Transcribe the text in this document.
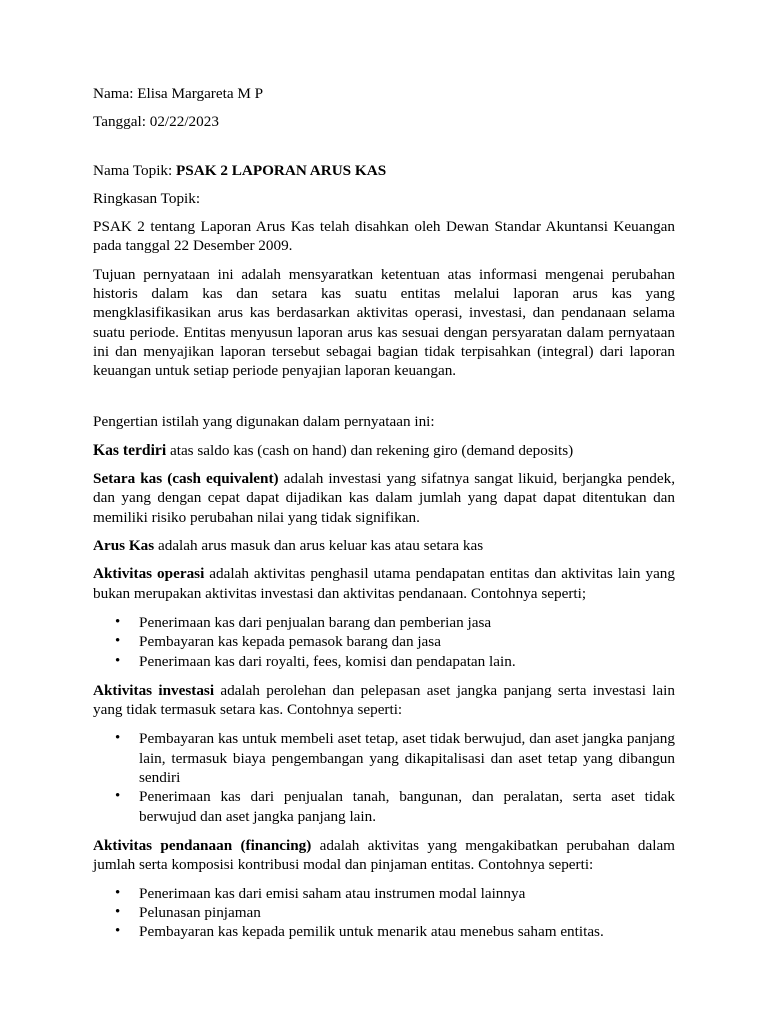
Nama: Elisa Margareta M P

Tanggal: 02/22/2023

Nama Topik: PSAK 2 LAPORAN ARUS KAS

Ringkasan Topik:

PSAK 2 tentang Laporan Arus Kas telah disahkan oleh Dewan Standar Akuntansi Keuangan pada tanggal 22 Desember 2009.

Tujuan pernyataan ini adalah mensyaratkan ketentuan atas informasi mengenai perubahan historis dalam kas dan setara kas suatu entitas melalui laporan arus kas yang mengklasifikasikan arus kas berdasarkan aktivitas operasi, investasi, dan pendanaan selama suatu periode. Entitas menyusun laporan arus kas sesuai dengan persyaratan dalam pernyataan ini dan menyajikan laporan tersebut sebagai bagian tidak terpisahkan (integral) dari laporan keuangan untuk setiap periode penyajian laporan keuangan.

Pengertian istilah yang digunakan dalam pernyataan ini:

Kas terdiri atas saldo kas (cash on hand) dan rekening giro (demand deposits)

Setara kas (cash equivalent) adalah investasi yang sifatnya sangat likuid, berjangka pendek, dan yang dengan cepat dapat dijadikan kas dalam jumlah yang dapat dapat ditentukan dan memiliki risiko perubahan nilai yang tidak signifikan.

Arus Kas adalah arus masuk dan arus keluar kas atau setara kas

Aktivitas operasi adalah aktivitas penghasil utama pendapatan entitas dan aktivitas lain yang bukan merupakan aktivitas investasi dan aktivitas pendanaan. Contohnya seperti;

• Penerimaan kas dari penjualan barang dan pemberian jasa
• Pembayaran kas kepada pemasok barang dan jasa
• Penerimaan kas dari royalti, fees, komisi dan pendapatan lain.

Aktivitas investasi adalah perolehan dan pelepasan aset jangka panjang serta investasi lain yang tidak termasuk setara kas. Contohnya seperti:

• Pembayaran kas untuk membeli aset tetap, aset tidak berwujud, dan aset jangka panjang lain, termasuk biaya pengembangan yang dikapitalisasi dan aset tetap yang dibangun sendiri
• Penerimaan kas dari penjualan tanah, bangunan, dan peralatan, serta aset tidak berwujud dan aset jangka panjang lain.

Aktivitas pendanaan (financing) adalah aktivitas yang mengakibatkan perubahan dalam jumlah serta komposisi kontribusi modal dan pinjaman entitas. Contohnya seperti:

• Penerimaan kas dari emisi saham atau instrumen modal lainnya
• Pelunasan pinjaman
• Pembayaran kas kepada pemilik untuk menarik atau menebus saham entitas.
